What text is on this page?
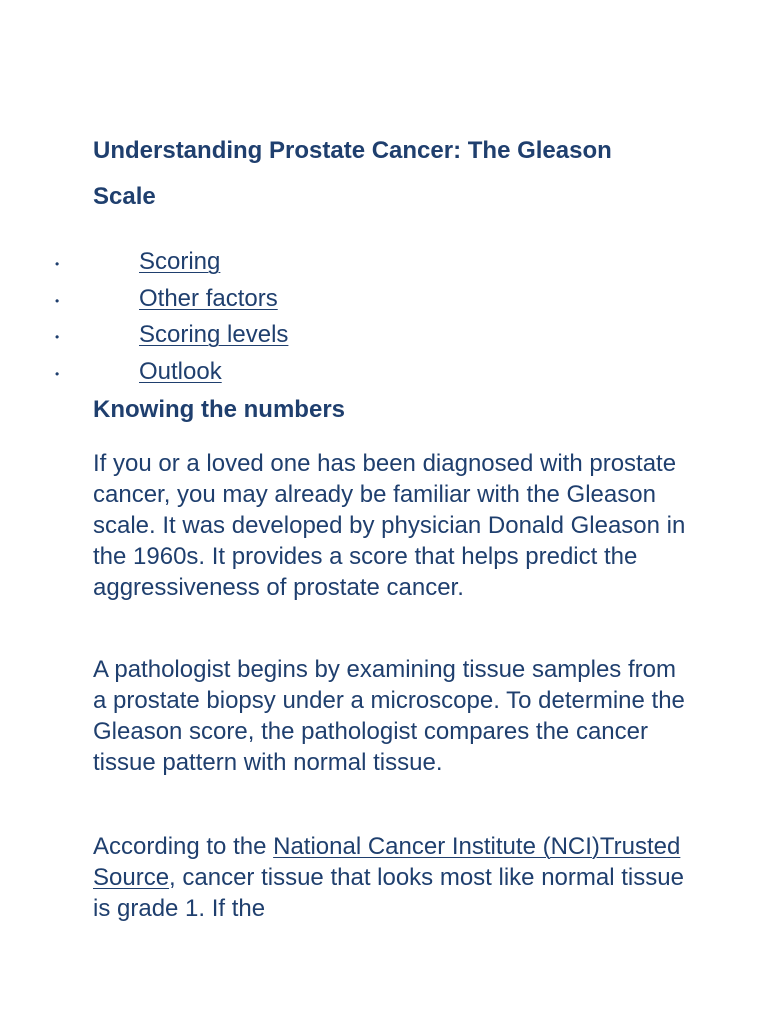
Understanding Prostate Cancer: The Gleason Scale
•	Scoring
•	Other factors
•	Scoring levels
•	Outlook
Knowing the numbers

If you or a loved one has been diagnosed with prostate cancer, you may already be familiar with the Gleason scale. It was developed by physician Donald Gleason in the 1960s. It provides a score that helps predict the aggressiveness of prostate cancer.

A pathologist begins by examining tissue samples from a prostate biopsy under a microscope. To determine the Gleason score, the pathologist compares the cancer tissue pattern with normal tissue.

According to the National Cancer Institute (NCI)Trusted Source, cancer tissue that looks most like normal tissue is grade 1. If the
